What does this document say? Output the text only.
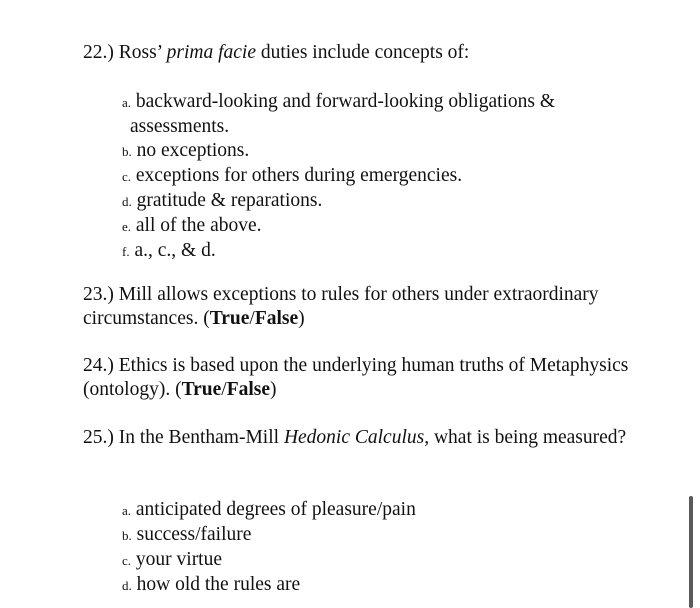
22.) Ross’ prima facie duties include concepts of:
a. backward-looking and forward-looking obligations &
assessments.
b. no exceptions.
c. exceptions for others during emergencies.
d. gratitude & reparations.
e. all of the above.
f. a., c., & d.
23.) Mill allows exceptions to rules for others under extraordinary circumstances. (True/False)
24.) Ethics is based upon the underlying human truths of Metaphysics (ontology). (True/False)
25.) In the Bentham-Mill Hedonic Calculus, what is being measured?
a. anticipated degrees of pleasure/pain
b. success/failure
c. your virtue
d. how old the rules are
